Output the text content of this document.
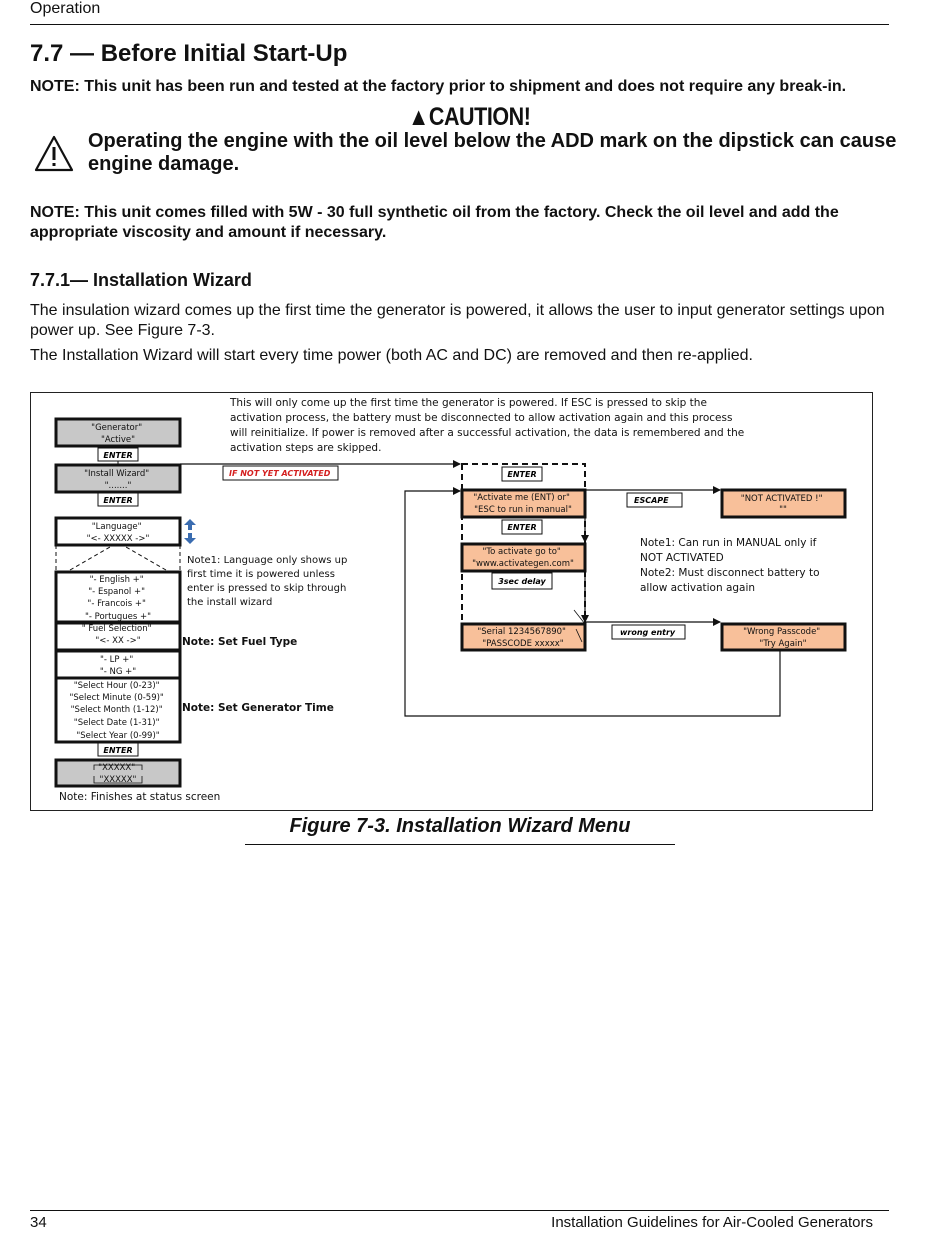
Operation
7.7 — Before Initial Start-Up
NOTE: This unit has been run and tested at the factory prior to shipment and does not require any break-in.
▲CAUTION!
Operating the engine with the oil level below the ADD mark on the dipstick can cause engine damage.
NOTE: This unit comes filled with 5W - 30 full synthetic oil from the factory. Check the oil level and add the appropriate viscosity and amount if necessary.
7.7.1— Installation Wizard
The insulation wizard comes up the first time the generator is powered, it allows the user to input generator settings upon power up. See Figure 7-3.
The Installation Wizard will start every time power (both AC and DC) are removed and then re-applied.
This will only come up the first time the generator is powered. If ESC is pressed to skip the activation process, the battery must be disconnected to allow activation again and this process will reinitialize. If power is removed after a successful activation, the data is remembered and the activation steps are skipped.
"Generator" "Active"
ENTER
"Install Wizard" "......."
ENTER
IF NOT YET ACTIVATED
"Language" "<- XXXXX ->"
"- English +" "- Espanol +" "- Francois +" "- Portugues +"
Note1: Language only shows up first time it is powered unless enter is pressed to skip through the install wizard
" Fuel Selection" "<- XX ->"	Note: Set Fuel Type
"- LP +" "- NG +"
"Select Hour (0-23)" "Select Minute (0-59)" "Select Month (1-12)" "Select Date (1-31)" "Select Year (0-99)"
Note: Set Generator Time
ENTER
"XXXXX" "XXXXX"
Note: Finishes at status screen
ENTER
"Activate me (ENT) or" "ESC to run in manual"
ENTER
"To activate go to" "www.activategen.com"
3sec delay
"Serial 1234567890" "PASSCODE xxxxx"
ESCAPE	"NOT ACTIVATED !" ""
Note1: Can run in MANUAL only if NOT ACTIVATED Note2: Must disconnect battery to allow activation again
wrong entry	"Wrong Passcode" "Try Again"
Figure 7-3. Installation Wizard Menu
34	Installation Guidelines for Air-Cooled Generators
